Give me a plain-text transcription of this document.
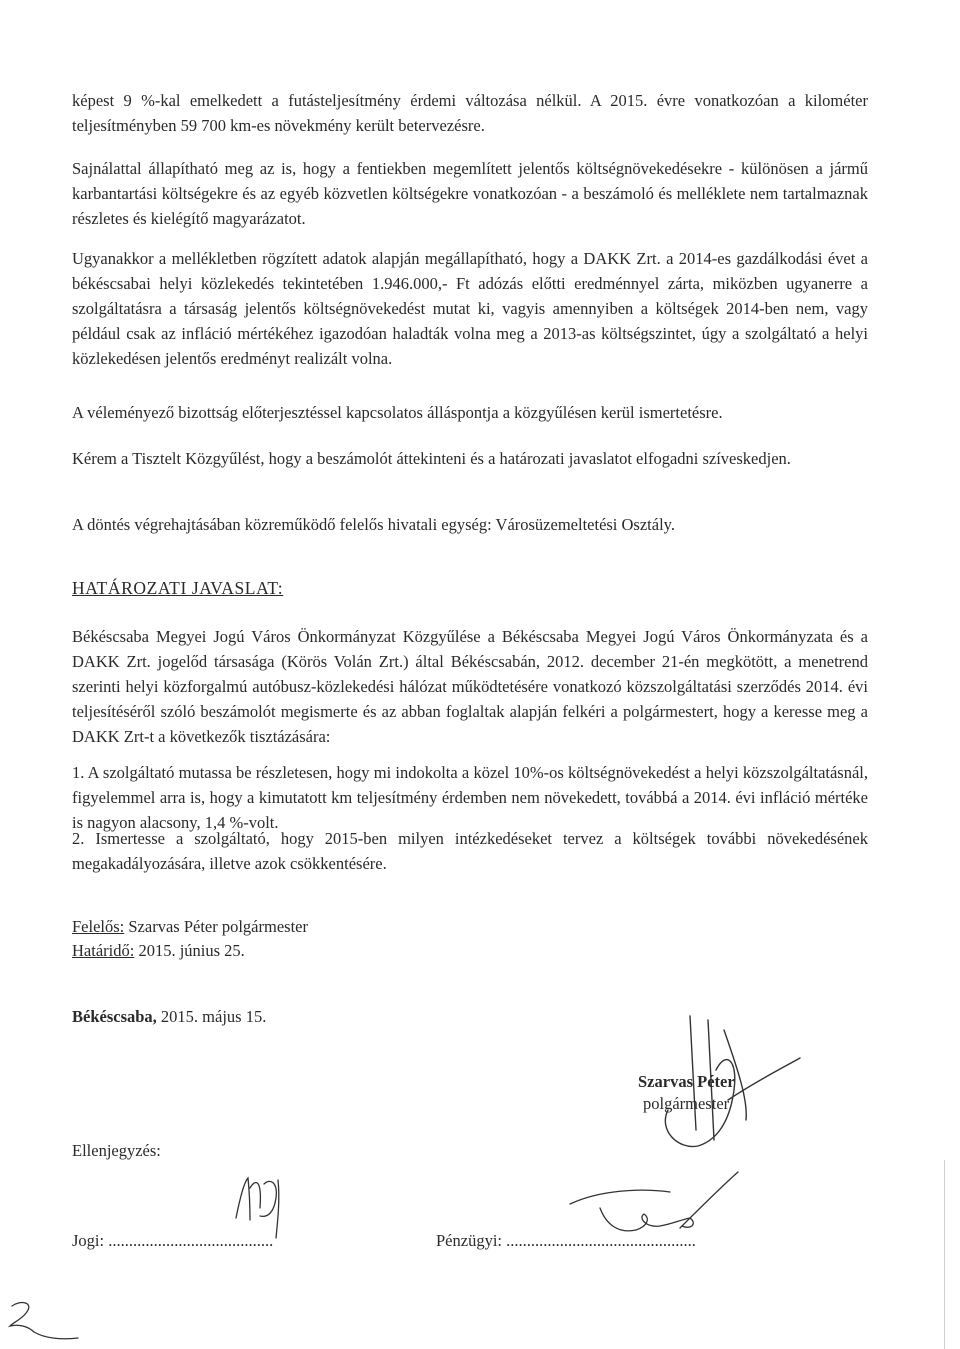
képest 9 %-kal emelkedett a futásteljesítmény érdemi változása nélkül. A 2015. évre vonatkozóan a kilométer teljesítményben 59 700 km-es növekmény került betervezésre.

Sajnálattal állapítható meg az is, hogy a fentiekben megemlített jelentős költségnövekedésekre - különösen a jármű karbantartási költségekre és az egyéb közvetlen költségekre vonatkozóan - a beszámoló és melléklete nem tartalmaznak részletes és kielégítő magyarázatot.

Ugyanakkor a mellékletben rögzített adatok alapján megállapítható, hogy a DAKK Zrt. a 2014-es gazdálkodási évet a békéscsabai helyi közlekedés tekintetében 1.946.000,- Ft adózás előtti eredménnyel zárta, miközben ugyanerre a szolgáltatásra a társaság jelentős költségnövekedést mutat ki, vagyis amennyiben a költségek 2014-ben nem, vagy például csak az infláció mértékéhez igazodóan haladták volna meg a 2013-as költségszintet, úgy a szolgáltató a helyi közlekedésen jelentős eredményt realizált volna.

A véleményező bizottság előterjesztéssel kapcsolatos álláspontja a közgyűlésen kerül ismertetésre.

Kérem a Tisztelt Közgyűlést, hogy a beszámolót áttekinteni és a határozati javaslatot elfogadni szíveskedjen.

A döntés végrehajtásában közreműködő felelős hivatali egység: Városüzemeltetési Osztály.

HATÁROZATI JAVASLAT:

Békéscsaba Megyei Jogú Város Önkormányzat Közgyűlése a Békéscsaba Megyei Jogú Város Önkormányzata és a DAKK Zrt. jogelőd társasága (Körös Volán Zrt.) által Békéscsabán, 2012. december 21-én megkötött, a menetrend szerinti helyi közforgalmú autóbusz-közlekedési hálózat működtetésére vonatkozó közszolgáltatási szerződés 2014. évi teljesítéséről szóló beszámolót megismerte és az abban foglaltak alapján felkéri a polgármestert, hogy a keresse meg a DAKK Zrt-t a következők tisztázására:

1. A szolgáltató mutassa be részletesen, hogy mi indokolta a közel 10%-os költségnövekedést a helyi közszolgáltatásnál, figyelemmel arra is, hogy a kimutatott km teljesítmény érdemben nem növekedett, továbbá a 2014. évi infláció mértéke is nagyon alacsony, 1,4 %-volt.

2. Ismertesse a szolgáltató, hogy 2015-ben milyen intézkedéseket tervez a költségek további növekedésének megakadályozására, illetve azok csökkentésére.

Felelős: Szarvas Péter polgármester

Határidő: 2015. június 25.

Békéscsaba, 2015. május 15.

Szarvas Péter
polgármester

Ellenjegyzés:

Jogi: ........................................	Pénzügyi: ..............................................
